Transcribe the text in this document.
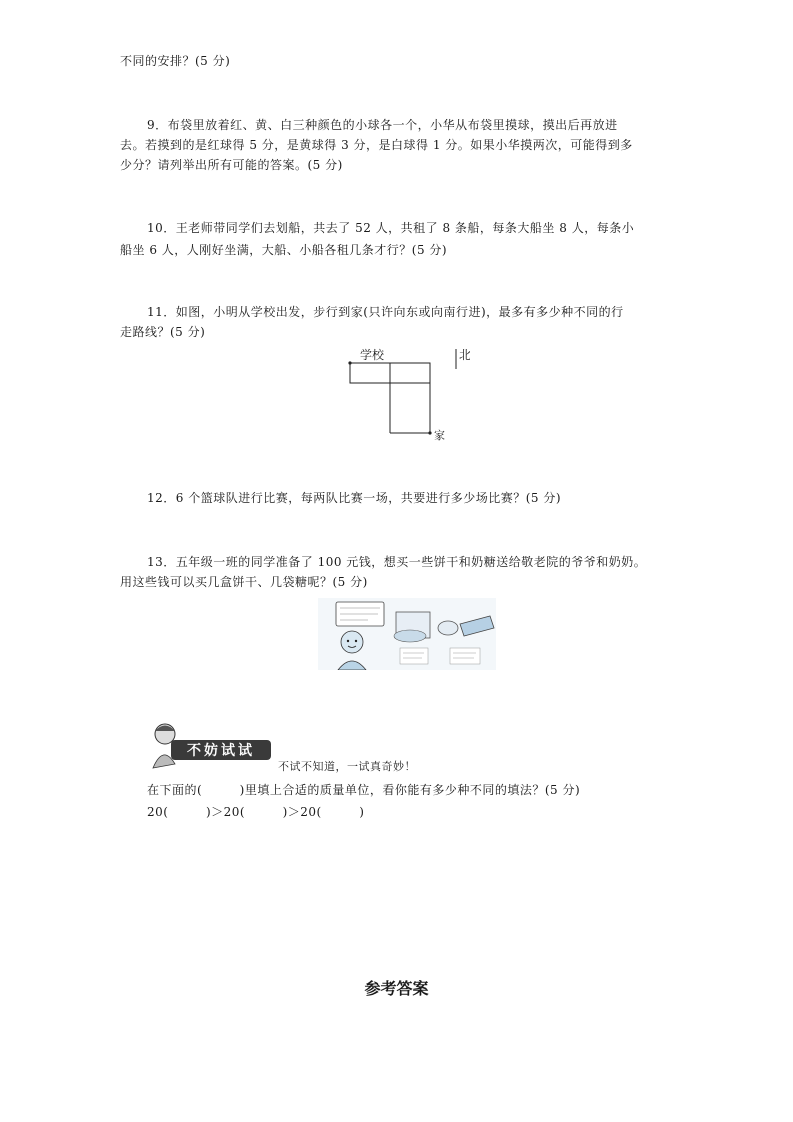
不同的安排？(5 分)
9．布袋里放着红、黄、白三种颜色的小球各一个，小华从布袋里摸球，摸出后再放进
去。若摸到的是红球得 5 分，是黄球得 3 分，是白球得 1 分。如果小华摸两次，可能得到多
少分？请列举出所有可能的答案。(5 分)
10．王老师带同学们去划船，共去了 52 人，共租了 8 条船，每条大船坐 8 人，每条小
船坐 6 人，人刚好坐满，大船、小船各租几条才行？(5 分)
11．如图，小明从学校出发，步行到家(只许向东或向南行进)，最多有多少种不同的行
走路线？(5 分)
学校	北
家
12．6 个篮球队进行比赛，每两队比赛一场，共要进行多少场比赛？(5 分)
13．五年级一班的同学准备了 100 元钱，想买一些饼干和奶糖送给敬老院的爷爷和奶奶。
用这些钱可以买几盒饼干、几袋糖呢？(5 分)
不妨试试
不试不知道，一试真奇妙！
在下面的(　　　)里填上合适的质量单位，看你能有多少种不同的填法？(5 分)
20(　　　)＞20(　　　)＞20(　　　)
参考答案
